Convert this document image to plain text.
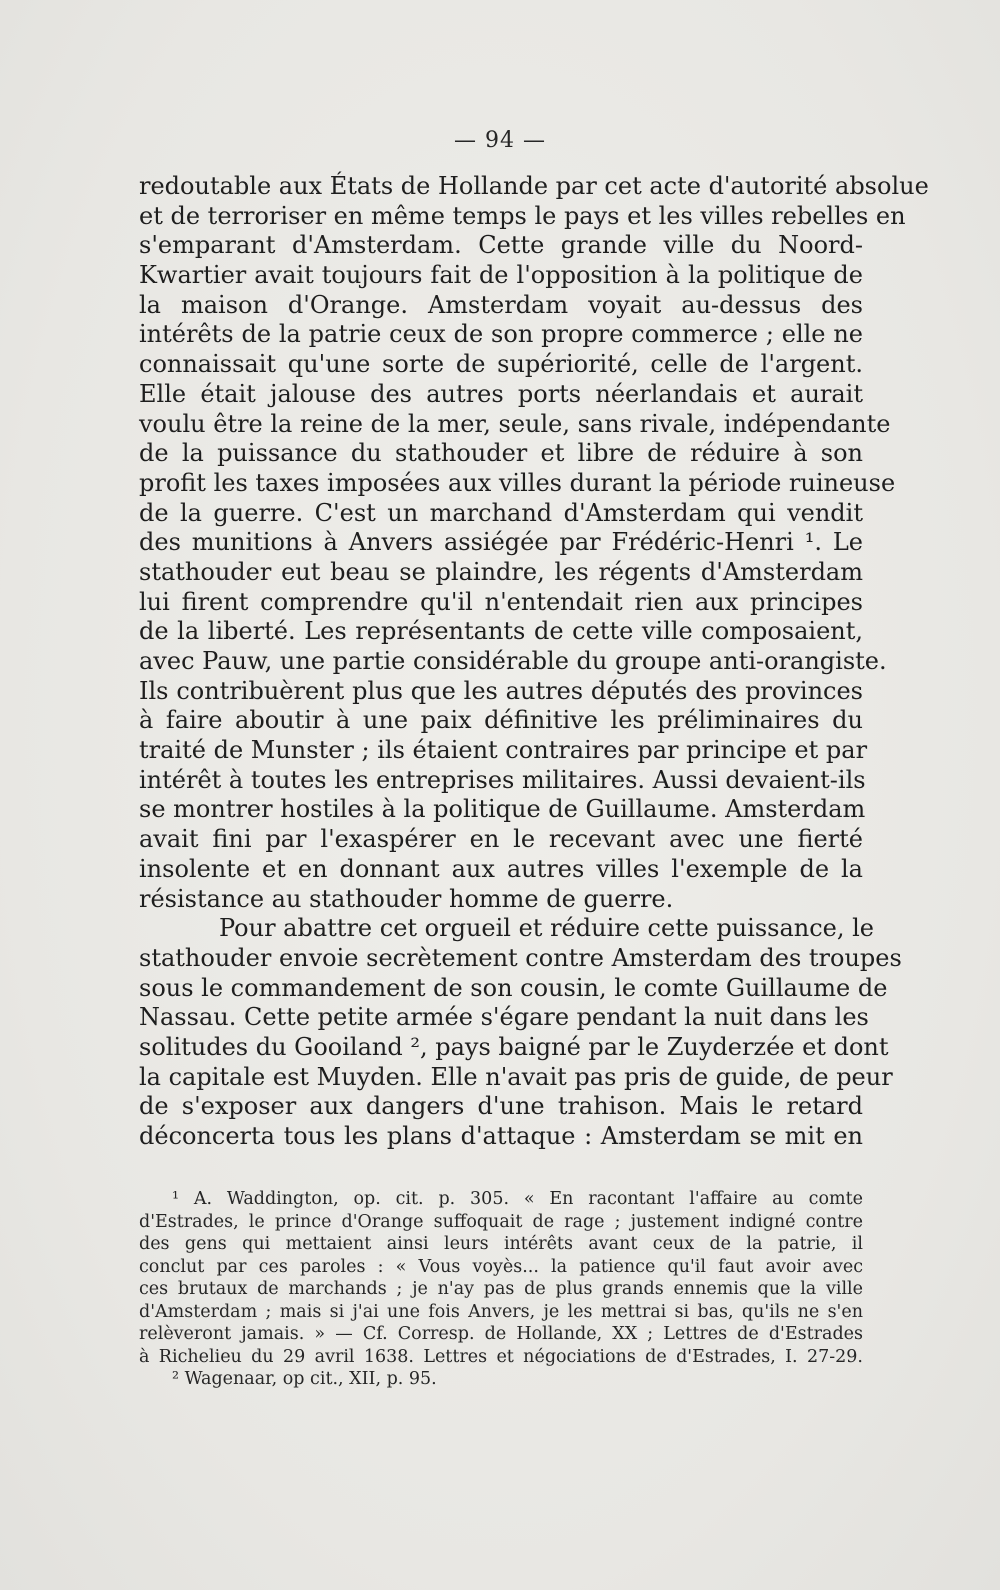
— 94 —
redoutable aux États de Hollande par cet acte d'autorité absolue
et de terroriser en même temps le pays et les villes rebelles en
s'emparant d'Amsterdam. Cette grande ville du Noord-
Kwartier avait toujours fait de l'opposition à la politique de
la maison d'Orange. Amsterdam voyait au-dessus des
intérêts de la patrie ceux de son propre commerce ; elle ne
connaissait qu'une sorte de supériorité, celle de l'argent.
Elle était jalouse des autres ports néerlandais et aurait
voulu être la reine de la mer, seule, sans rivale, indépendante
de la puissance du stathouder et libre de réduire à son
profit les taxes imposées aux villes durant la période ruineuse
de la guerre. C'est un marchand d'Amsterdam qui vendit
des munitions à Anvers assiégée par Frédéric-Henri ¹. Le
stathouder eut beau se plaindre, les régents d'Amsterdam
lui firent comprendre qu'il n'entendait rien aux principes
de la liberté. Les représentants de cette ville composaient,
avec Pauw, une partie considérable du groupe anti-orangiste.
Ils contribuèrent plus que les autres députés des provinces
à faire aboutir à une paix définitive les préliminaires du
traité de Munster ; ils étaient contraires par principe et par
intérêt à toutes les entreprises militaires. Aussi devaient-ils
se montrer hostiles à la politique de Guillaume. Amsterdam
avait fini par l'exaspérer en le recevant avec une fierté
insolente et en donnant aux autres villes l'exemple de la
résistance au stathouder homme de guerre.
Pour abattre cet orgueil et réduire cette puissance, le
stathouder envoie secrètement contre Amsterdam des troupes
sous le commandement de son cousin, le comte Guillaume de
Nassau. Cette petite armée s'égare pendant la nuit dans les
solitudes du Gooiland ², pays baigné par le Zuyderzée et dont
la capitale est Muyden. Elle n'avait pas pris de guide, de peur
de s'exposer aux dangers d'une trahison. Mais le retard
déconcerta tous les plans d'attaque : Amsterdam se mit en
¹ A. Waddington, op. cit. p. 305. « En racontant l'affaire au comte
d'Estrades, le prince d'Orange suffoquait de rage ; justement indigné contre
des gens qui mettaient ainsi leurs intérêts avant ceux de la patrie, il
conclut par ces paroles : « Vous voyès... la patience qu'il faut avoir avec
ces brutaux de marchands ; je n'ay pas de plus grands ennemis que la ville
d'Amsterdam ; mais si j'ai une fois Anvers, je les mettrai si bas, qu'ils ne s'en
relèveront jamais. » — Cf. Corresp. de Hollande, XX ; Lettres de d'Estrades
à Richelieu du 29 avril 1638. Lettres et négociations de d'Estrades, I. 27-29.
² Wagenaar, op cit., XII, p. 95.
